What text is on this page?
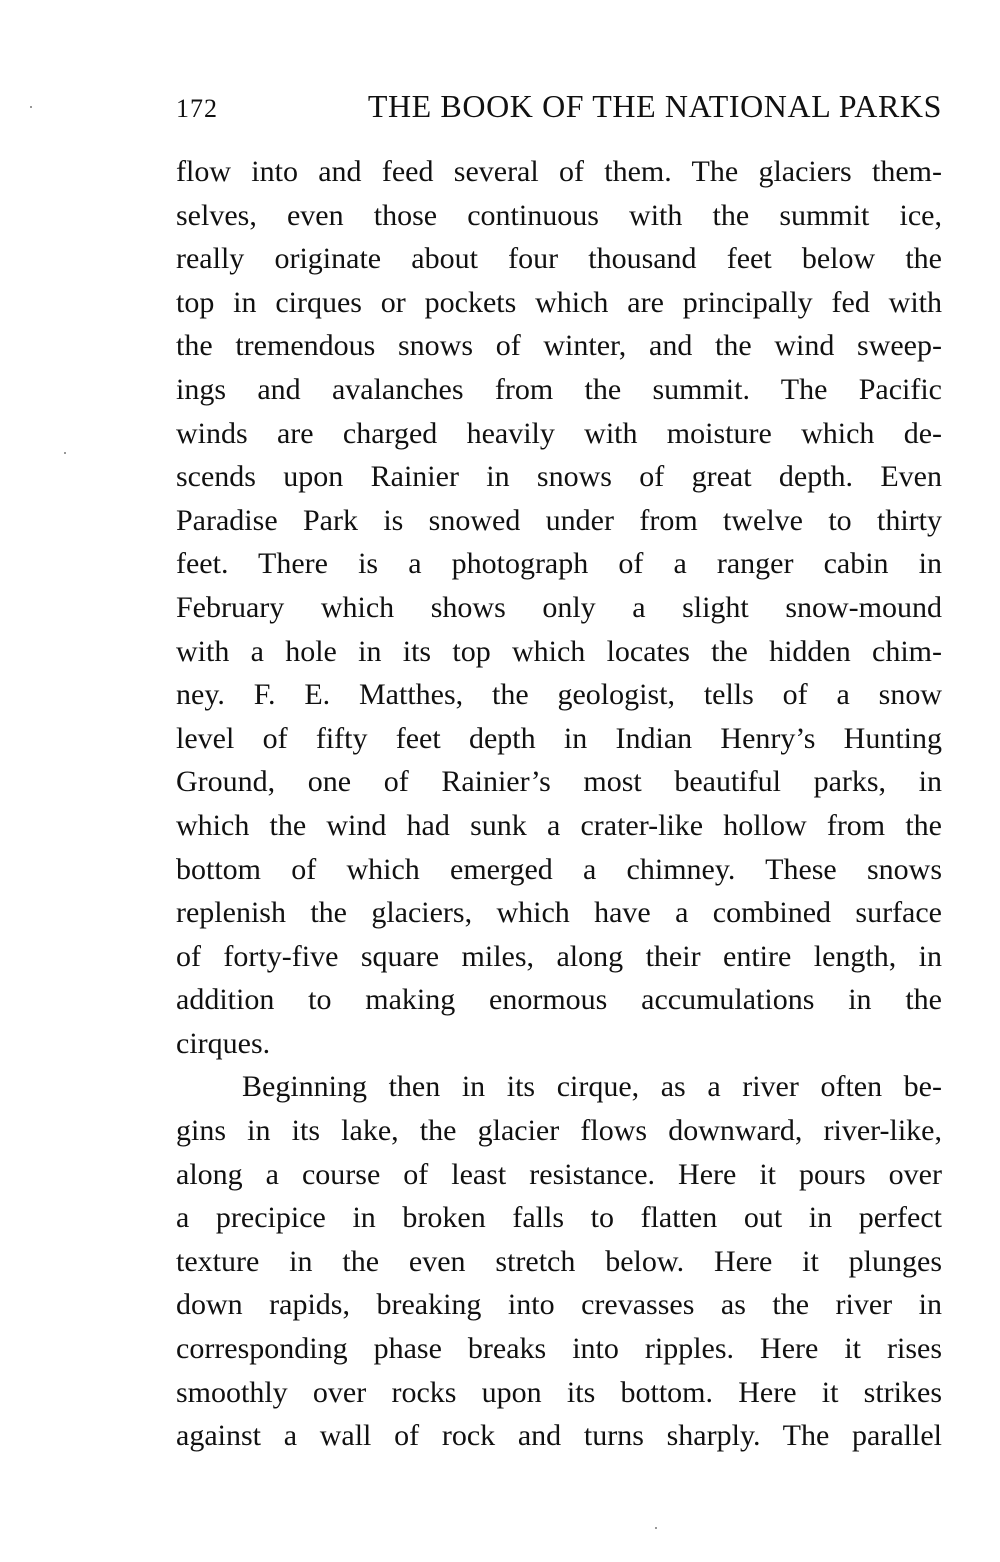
172	THE BOOK OF THE NATIONAL PARKS
flow into and feed several of them. The glaciers them-
selves, even those continuous with the summit ice,
really originate about four thousand feet below the
top in cirques or pockets which are principally fed with
the tremendous snows of winter, and the wind sweep-
ings and avalanches from the summit. The Pacific
winds are charged heavily with moisture which de-
scends upon Rainier in snows of great depth. Even
Paradise Park is snowed under from twelve to thirty
feet. There is a photograph of a ranger cabin in
February which shows only a slight snow-mound
with a hole in its top which locates the hidden chim-
ney. F. E. Matthes, the geologist, tells of a snow
level of fifty feet depth in Indian Henry’s Hunting
Ground, one of Rainier’s most beautiful parks, in
which the wind had sunk a crater-like hollow from the
bottom of which emerged a chimney. These snows
replenish the glaciers, which have a combined surface
of forty-five square miles, along their entire length, in
addition to making enormous accumulations in the
cirques.
Beginning then in its cirque, as a river often be-
gins in its lake, the glacier flows downward, river-like,
along a course of least resistance. Here it pours over
a precipice in broken falls to flatten out in perfect
texture in the even stretch below. Here it plunges
down rapids, breaking into crevasses as the river in
corresponding phase breaks into ripples. Here it rises
smoothly over rocks upon its bottom. Here it strikes
against a wall of rock and turns sharply. The parallel
